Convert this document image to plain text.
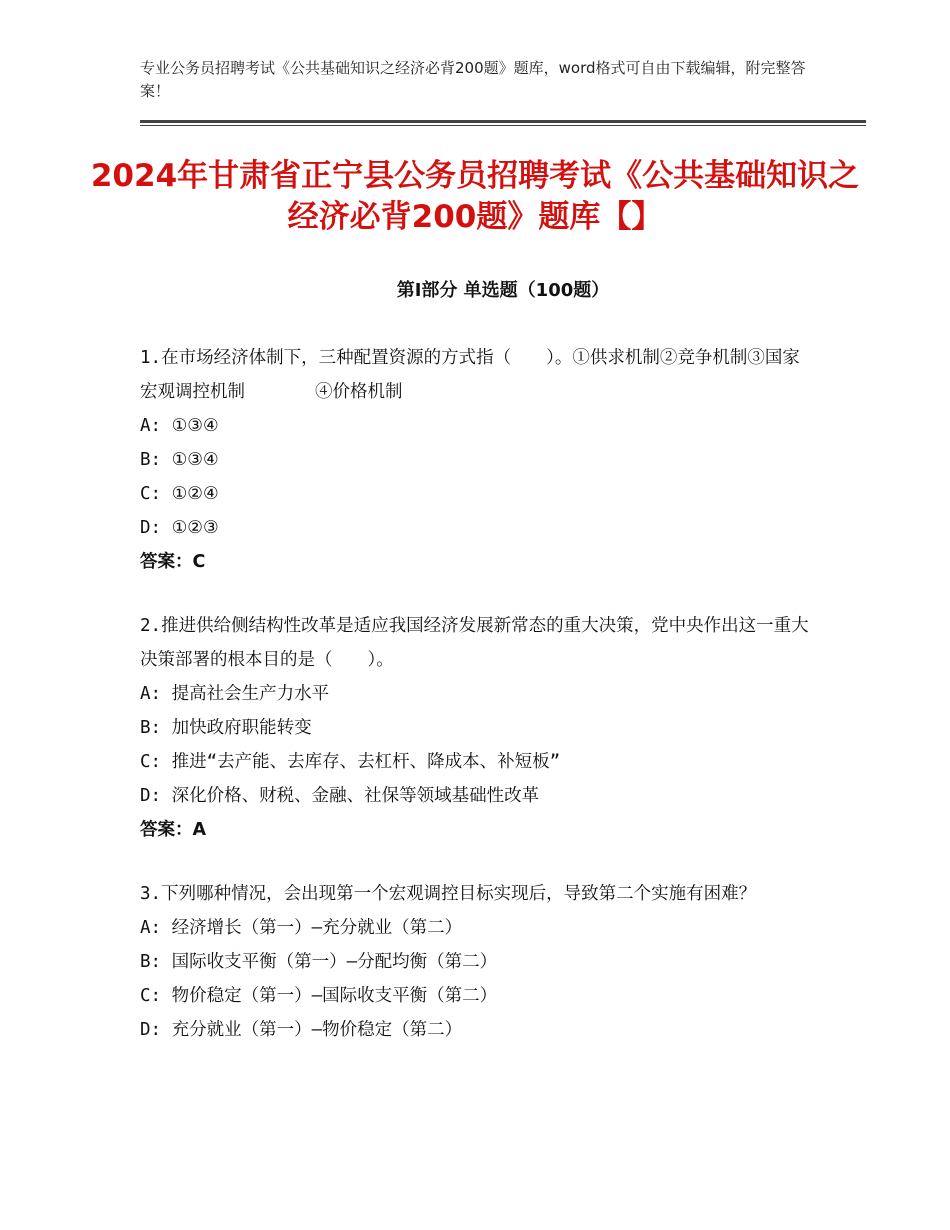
专业公务员招聘考试《公共基础知识之经济必背200题》题库，word格式可自由下载编辑，附完整答案！
2024年甘肃省正宁县公务员招聘考试《公共基础知识之经济必背200题》题库【】
第Ⅰ部分 单选题（100题）
1.在市场经济体制下，三种配置资源的方式指（　　）。①供求机制②竞争机制③国家宏观调控机制　　　　④价格机制
A: ①③④
B: ①③④
C: ①②④
D: ①②③
答案：C
2.推进供给侧结构性改革是适应我国经济发展新常态的重大决策，党中央作出这一重大决策部署的根本目的是（　　）。
A: 提高社会生产力水平
B: 加快政府职能转变
C: 推进“去产能、去库存、去杠杆、降成本、补短板”
D: 深化价格、财税、金融、社保等领域基础性改革
答案：A
3.下列哪种情况，会出现第一个宏观调控目标实现后，导致第二个实施有困难？
A: 经济增长（第一）—充分就业（第二）
B: 国际收支平衡（第一）—分配均衡（第二）
C: 物价稳定（第一）—国际收支平衡（第二）
D: 充分就业（第一）—物价稳定（第二）
